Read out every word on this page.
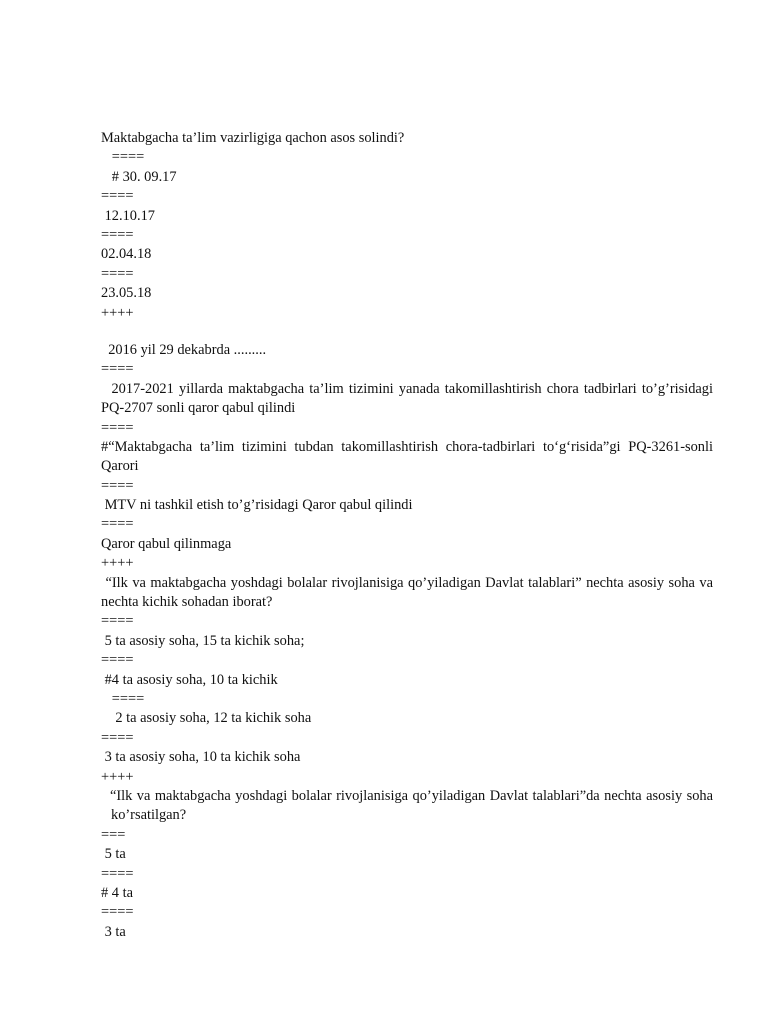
Maktabgacha ta’lim vazirligiga qachon asos solindi?
====
# 30. 09.17
====
12.10.17
====
02.04.18
====
23.05.18
++++
2016 yil 29 dekabrda .........
====
2017-2021 yillarda maktabgacha ta’lim tizimini yanada takomillashtirish chora tadbirlari to’g’risidagi PQ-2707 sonli qaror qabul qilindi
====
#“Maktabgacha ta’lim tizimini tubdan takomillashtirish chora-tadbirlari to‘g‘risida”gi PQ-3261-sonli Qarori
====
MTV ni tashkil etish to’g’risidagi Qaror qabul qilindi
====
Qaror qabul qilinmaga
++++
“Ilk va maktabgacha yoshdagi bolalar rivojlanisiga qo’yiladigan Davlat talablari” nechta asosiy soha va nechta kichik sohadan iborat?
====
5 ta asosiy soha, 15 ta kichik soha;
====
#4 ta asosiy soha, 10 ta kichik
====
2 ta asosiy soha, 12 ta kichik soha
====
3 ta asosiy soha, 10 ta kichik soha
++++
“Ilk va maktabgacha yoshdagi bolalar rivojlanisiga qo’yiladigan Davlat talablari”da nechta asosiy soha ko’rsatilgan?
===
5 ta
====
# 4 ta
====
3 ta
